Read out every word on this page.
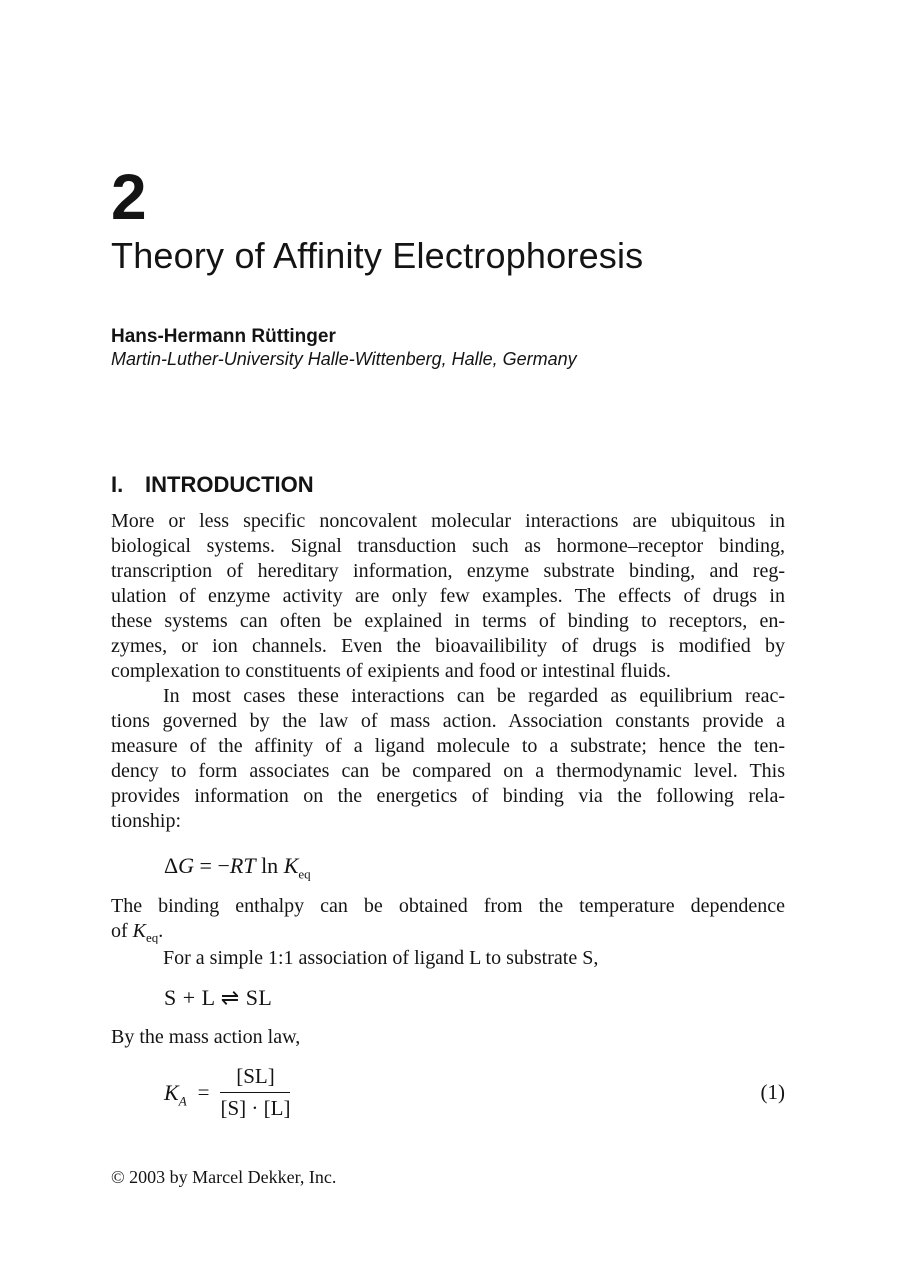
2
Theory of Affinity Electrophoresis
Hans-Hermann Rüttinger
Martin-Luther-University Halle-Wittenberg, Halle, Germany
I. INTRODUCTION
More or less specific noncovalent molecular interactions are ubiquitous in
biological systems. Signal transduction such as hormone–receptor binding,
transcription of hereditary information, enzyme substrate binding, and reg-
ulation of enzyme activity are only few examples. The effects of drugs in
these systems can often be explained in terms of binding to receptors, en-
zymes, or ion channels. Even the bioavailibility of drugs is modified by
complexation to constituents of exipients and food or intestinal fluids.
In most cases these interactions can be regarded as equilibrium reac-
tions governed by the law of mass action. Association constants provide a
measure of the affinity of a ligand molecule to a substrate; hence the ten-
dency to form associates can be compared on a thermodynamic level. This
provides information on the energetics of binding via the following rela-
tionship:
ΔG = −RT $\ln K_{eq}$
The binding enthalpy can be obtained from the temperature dependence
of $K_{eq}$.
For a simple 1:1 association of ligand L to substrate S,
S + L ⇌ SL
By the mass action law,
$K_A = \frac{[SL]}{[S] \cdot [L]}$	(1)
© 2003 by Marcel Dekker, Inc.
